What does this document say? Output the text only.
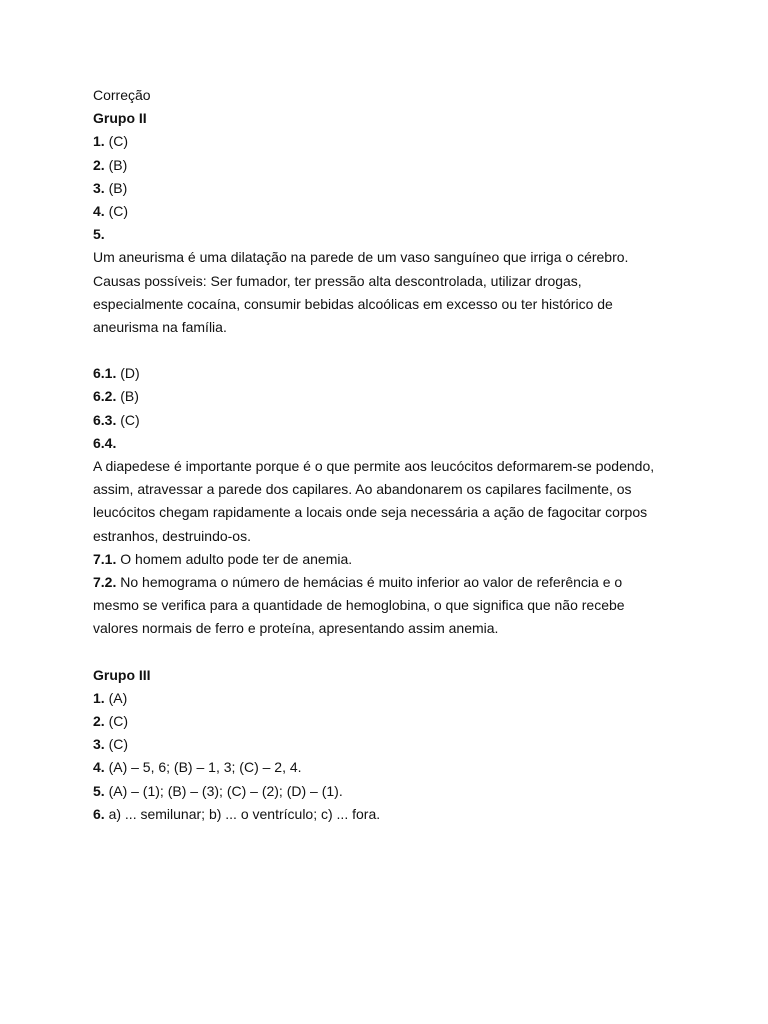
Correção
Grupo II
1. (C)
2. (B)
3. (B)
4. (C)
5.
Um aneurisma é uma dilatação na parede de um vaso sanguíneo que irriga o cérebro.
Causas possíveis: Ser fumador, ter pressão alta descontrolada, utilizar drogas,
especialmente cocaína, consumir bebidas alcoólicas em excesso ou ter histórico de
aneurisma na família.
6.1. (D)
6.2. (B)
6.3. (C)
6.4.
A diapedese é importante porque é o que permite aos leucócitos deformarem-se podendo,
assim, atravessar a parede dos capilares. Ao abandonarem os capilares facilmente, os
leucócitos chegam rapidamente a locais onde seja necessária a ação de fagocitar corpos
estranhos, destruindo-os.
7.1. O homem adulto pode ter de anemia.
7.2. No hemograma o número de hemácias é muito inferior ao valor de referência e o
mesmo se verifica para a quantidade de hemoglobina, o que significa que não recebe
valores normais de ferro e proteína, apresentando assim anemia.
Grupo III
1. (A)
2. (C)
3. (C)
4. (A) – 5, 6; (B) – 1, 3; (C) – 2, 4.
5. (A) – (1); (B) – (3); (C) – (2); (D) – (1).
6. a) ... semilunar; b) ... o ventrículo; c) ... fora.
